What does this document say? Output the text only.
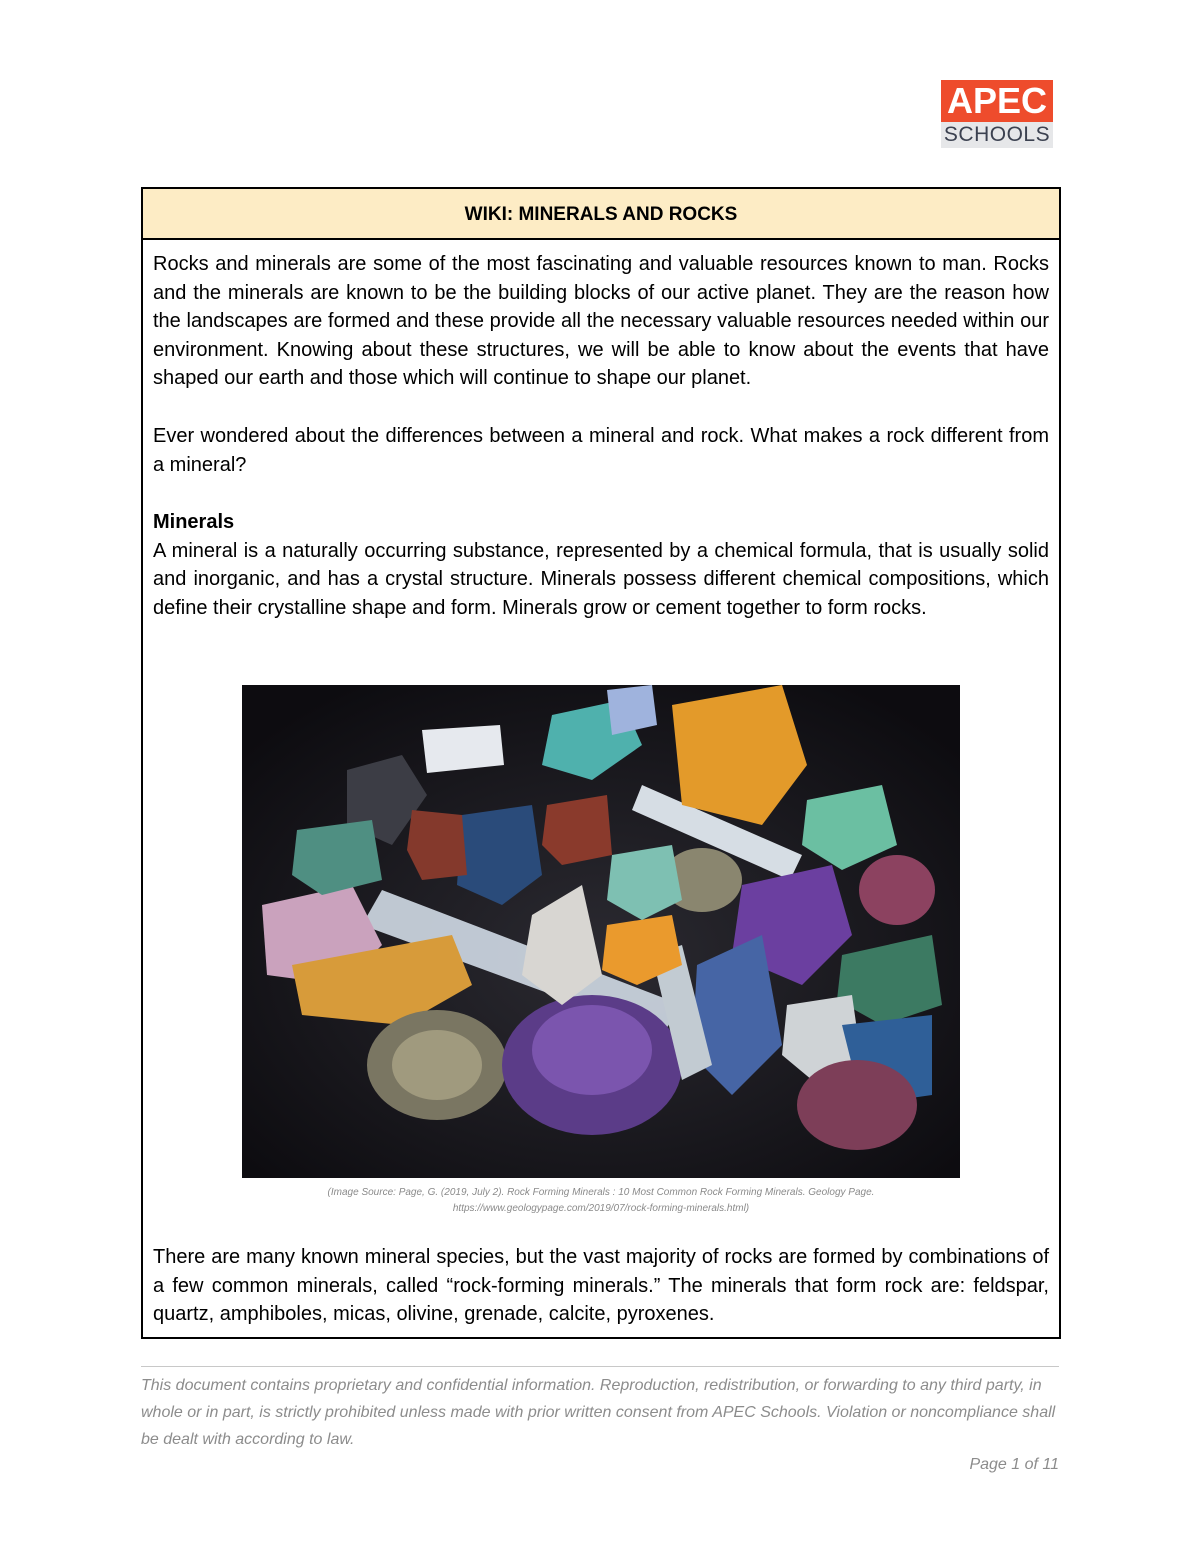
APEC
SCHOOLS
WIKI: MINERALS AND ROCKS

Rocks and minerals are some of the most fascinating and valuable resources known to man. Rocks and the minerals are known to be the building blocks of our active planet. They are the reason how the landscapes are formed and these provide all the necessary valuable resources needed within our environment. Knowing about these structures, we will be able to know about the events that have shaped our earth and those which will continue to shape our planet.

Ever wondered about the differences between a mineral and rock. What makes a rock different from a mineral?

Minerals

A mineral is a naturally occurring substance, represented by a chemical formula, that is usually solid and inorganic, and has a crystal structure. Minerals possess different chemical compositions, which define their crystalline shape and form. Minerals grow or cement together to form rocks.

(Image Source: Page, G. (2019, July 2). Rock Forming Minerals : 10 Most Common Rock Forming Minerals. Geology Page.
https://www.geologypage.com/2019/07/rock-forming-minerals.html)

There are many known mineral species, but the vast majority of rocks are formed by combinations of a few common minerals, called “rock-forming minerals.” The minerals that form rock are: feldspar, quartz, amphiboles, micas, olivine, grenade, calcite, pyroxenes.

This document contains proprietary and confidential information. Reproduction, redistribution, or forwarding to any third party, in whole or in part, is strictly prohibited unless made with prior written consent from APEC Schools. Violation or noncompliance shall be dealt with according to law.

Page 1 of 11
